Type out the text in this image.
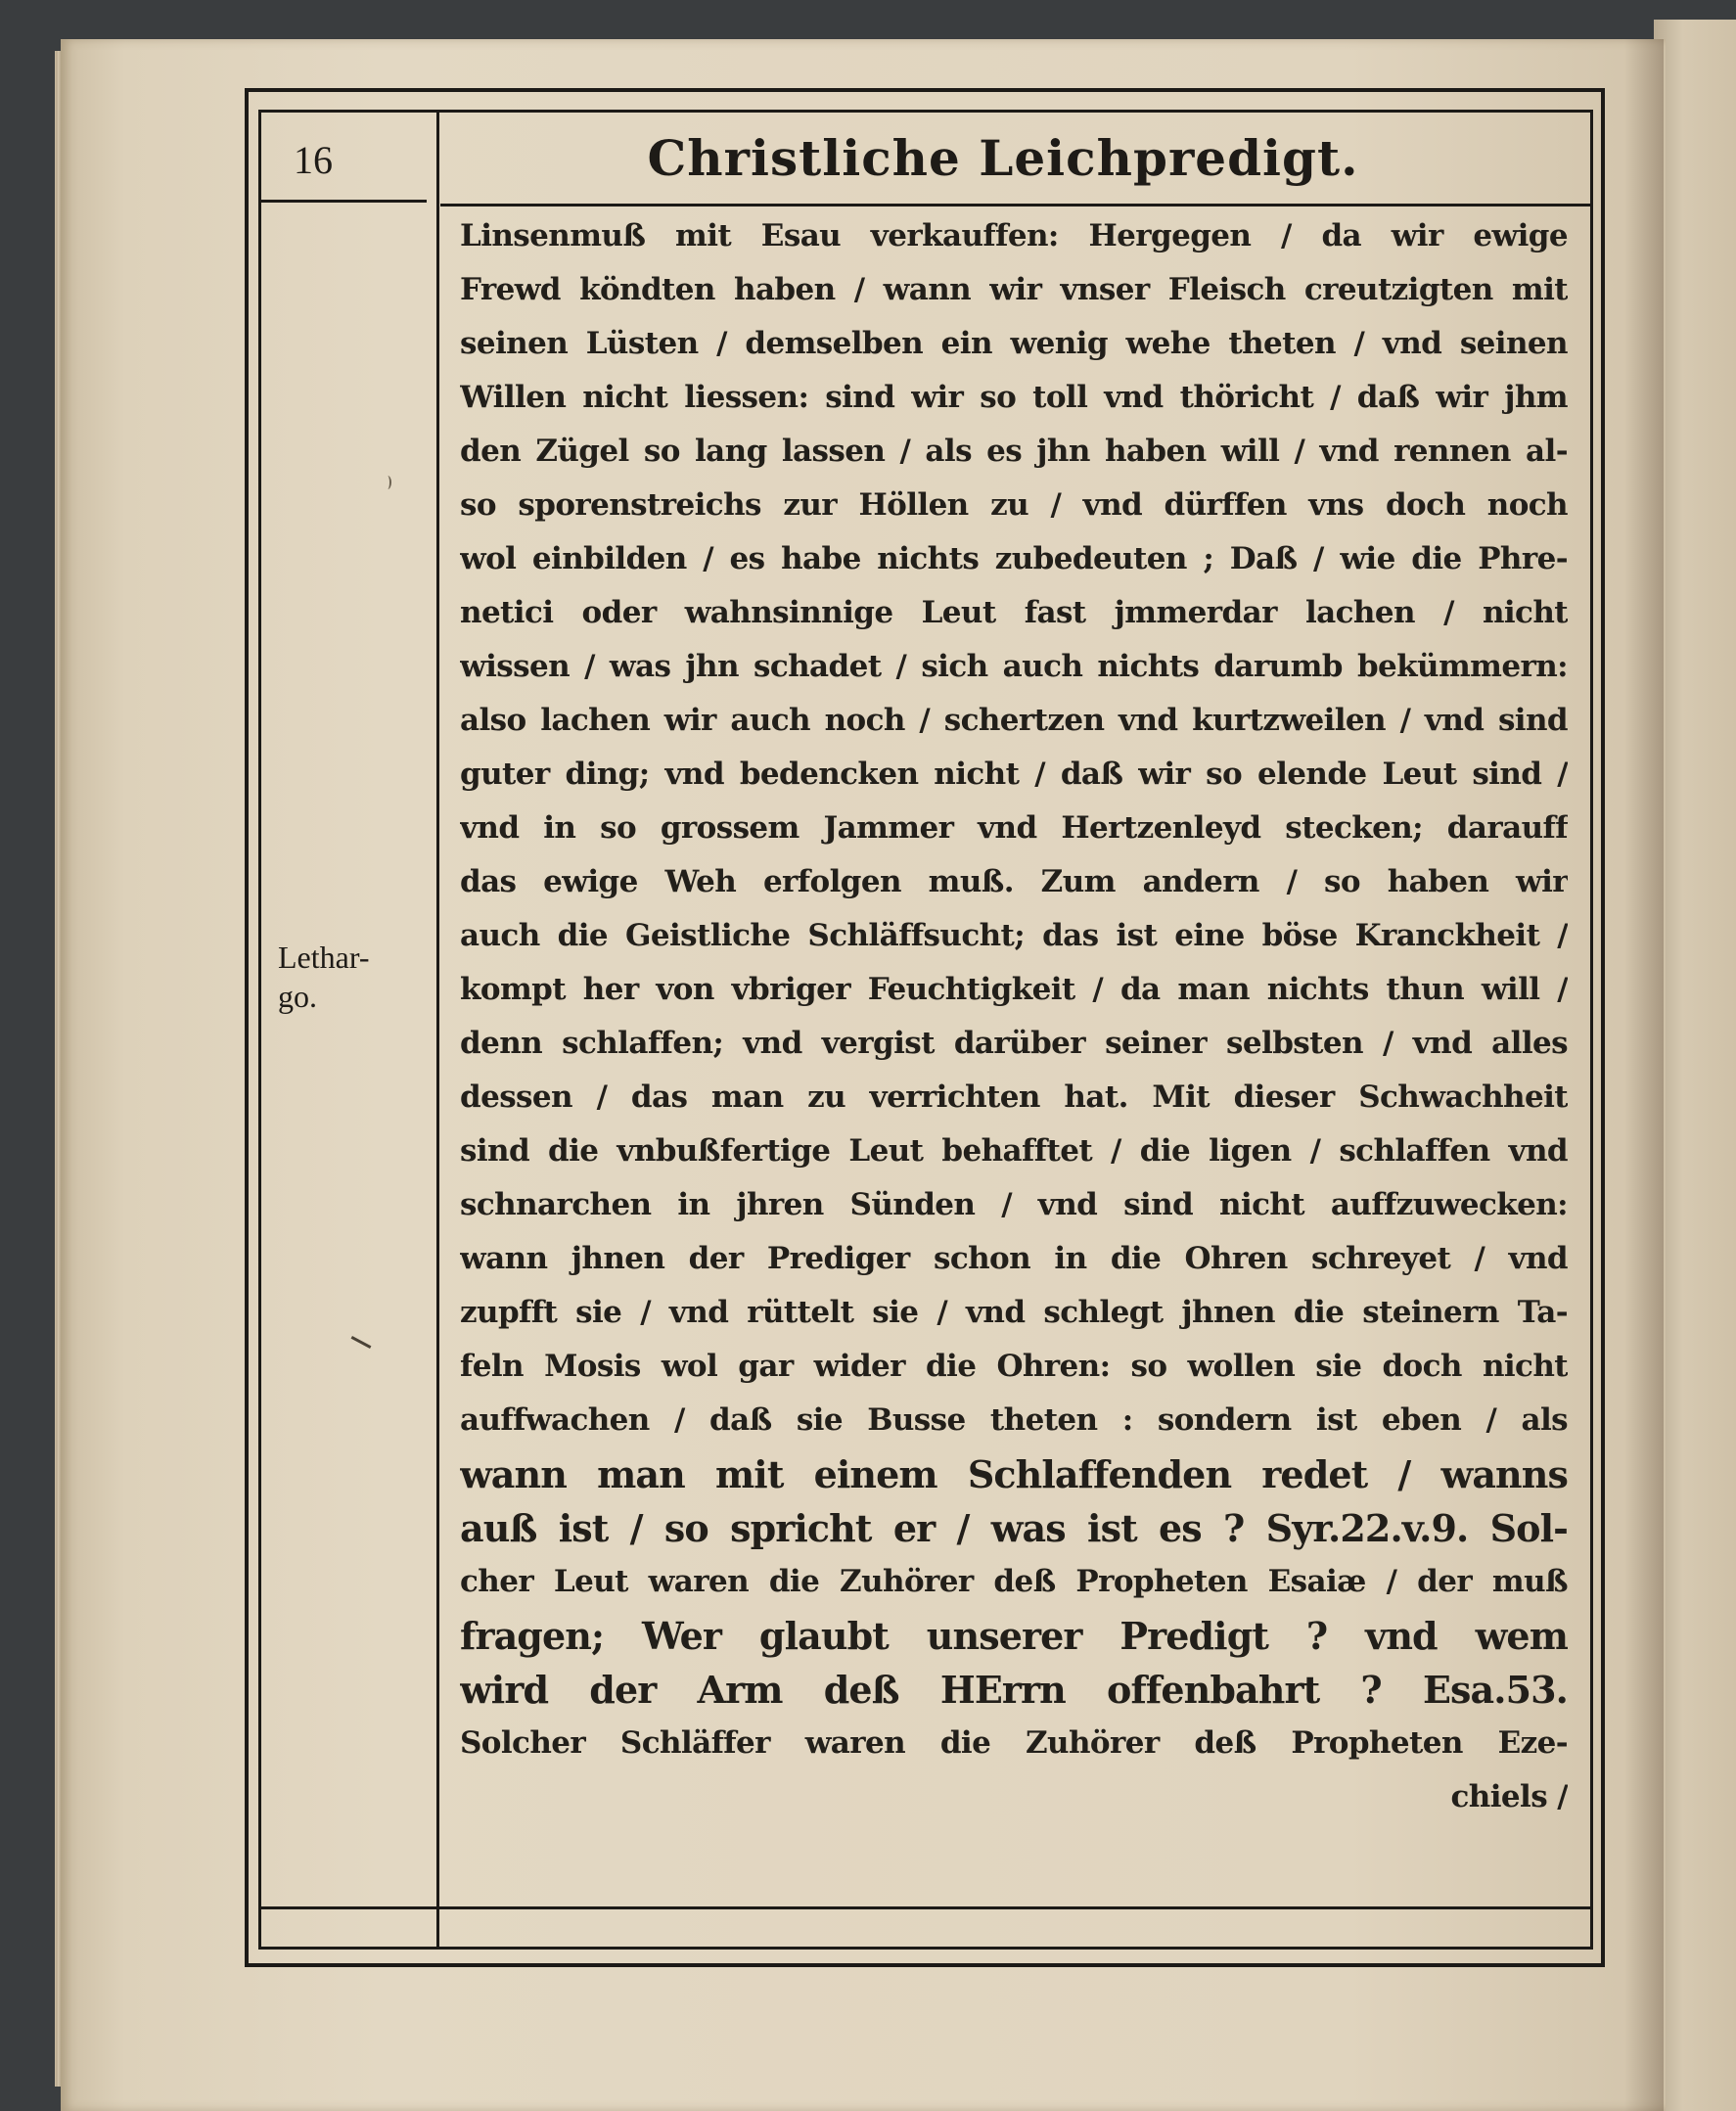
16	Christliche Leichpredigt.
Lethar-
go.
Linsenmuß mit Esau verkauffen: Hergegen / da wir ewige
Frewd köndten haben / wann wir vnser Fleisch creutzigten mit
seinen Lüsten / demselben ein wenig wehe theten / vnd seinen
Willen nicht liessen: sind wir so toll vnd thöricht / daß wir jhm
den Zügel so lang lassen / als es jhn haben will / vnd rennen al-
so sporenstreichs zur Höllen zu / vnd dürffen vns doch noch
wol einbilden / es habe nichts zubedeuten ; Daß / wie die Phre-
netici oder wahnsinnige Leut fast jmmerdar lachen / nicht
wissen / was jhn schadet / sich auch nichts darumb bekümmern:
also lachen wir auch noch / schertzen vnd kurtzweilen / vnd sind
guter ding; vnd bedencken nicht / daß wir so elende Leut sind /
vnd in so grossem Jammer vnd Hertzenleyd stecken; darauff
das ewige Weh erfolgen muß. Zum andern / so haben wir
auch die Geistliche Schläffsucht; das ist eine böse Kranckheit /
kompt her von vbriger Feuchtigkeit / da man nichts thun will /
denn schlaffen; vnd vergist darüber seiner selbsten / vnd alles
dessen / das man zu verrichten hat. Mit dieser Schwachheit
sind die vnbußfertige Leut behafftet / die ligen / schlaffen vnd
schnarchen in jhren Sünden / vnd sind nicht auffzuwecken:
wann jhnen der Prediger schon in die Ohren schreyet / vnd
zupfft sie / vnd rüttelt sie / vnd schlegt jhnen die steinern Ta-
feln Mosis wol gar wider die Ohren: so wollen sie doch nicht
auffwachen / daß sie Busse theten : sondern ist eben / als
wann man mit einem Schlaffenden redet / wanns
auß ist / so spricht er / was ist es ? Syr.22.v.9. Sol-
cher Leut waren die Zuhörer deß Propheten Esaiæ / der muß
fragen; Wer glaubt unserer Predigt ? vnd wem
wird der Arm deß HErrn offenbahrt ? Esa.53.
Solcher Schläffer waren die Zuhörer deß Propheten Eze-
chiels /
